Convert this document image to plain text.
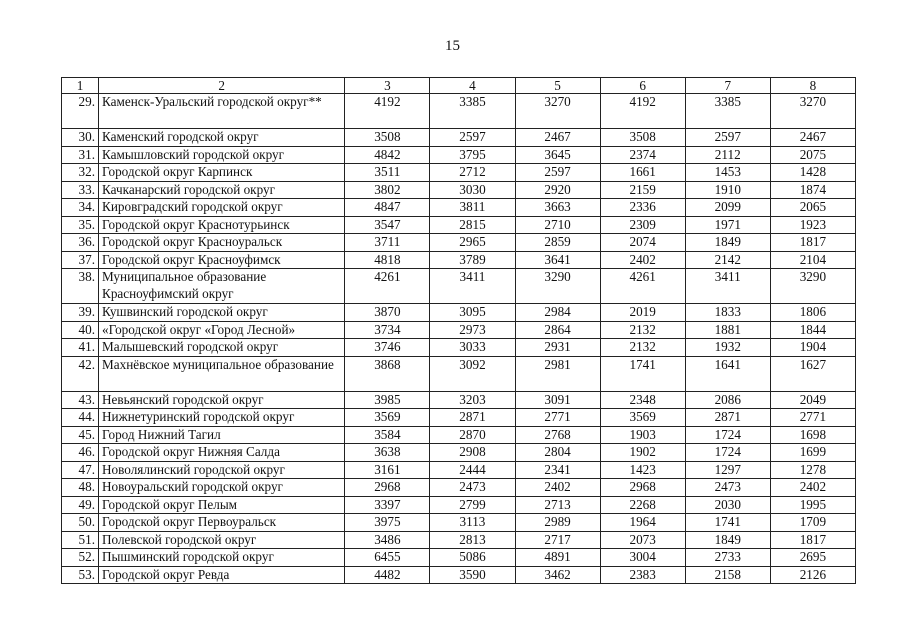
15
1	2	3	4	5	6	7	8
29.	Каменск-Уральский городской округ**	4192	3385	3270	4192	3385	3270
30.	Каменский городской округ	3508	2597	2467	3508	2597	2467
31.	Камышловский городской округ	4842	3795	3645	2374	2112	2075
32.	Городской округ Карпинск	3511	2712	2597	1661	1453	1428
33.	Качканарский городской округ	3802	3030	2920	2159	1910	1874
34.	Кировградский городской округ	4847	3811	3663	2336	2099	2065
35.	Городской округ Краснотурьинск	3547	2815	2710	2309	1971	1923
36.	Городской округ Красноуральск	3711	2965	2859	2074	1849	1817
37.	Городской округ Красноуфимск	4818	3789	3641	2402	2142	2104
38.	Муниципальное образование Красноуфимский округ	4261	3411	3290	4261	3411	3290
39.	Кушвинский городской округ	3870	3095	2984	2019	1833	1806
40.	«Городской округ «Город Лесной»	3734	2973	2864	2132	1881	1844
41.	Малышевский городской округ	3746	3033	2931	2132	1932	1904
42.	Махнёвское муниципальное образование	3868	3092	2981	1741	1641	1627
43.	Невьянский городской округ	3985	3203	3091	2348	2086	2049
44.	Нижнетуринский городской округ	3569	2871	2771	3569	2871	2771
45.	Город Нижний Тагил	3584	2870	2768	1903	1724	1698
46.	Городской округ Нижняя Салда	3638	2908	2804	1902	1724	1699
47.	Новолялинский городской округ	3161	2444	2341	1423	1297	1278
48.	Новоуральский городской округ	2968	2473	2402	2968	2473	2402
49.	Городской округ Пелым	3397	2799	2713	2268	2030	1995
50.	Городской округ Первоуральск	3975	3113	2989	1964	1741	1709
51.	Полевской городской округ	3486	2813	2717	2073	1849	1817
52.	Пышминский городской округ	6455	5086	4891	3004	2733	2695
53.	Городской округ Ревда	4482	3590	3462	2383	2158	2126
